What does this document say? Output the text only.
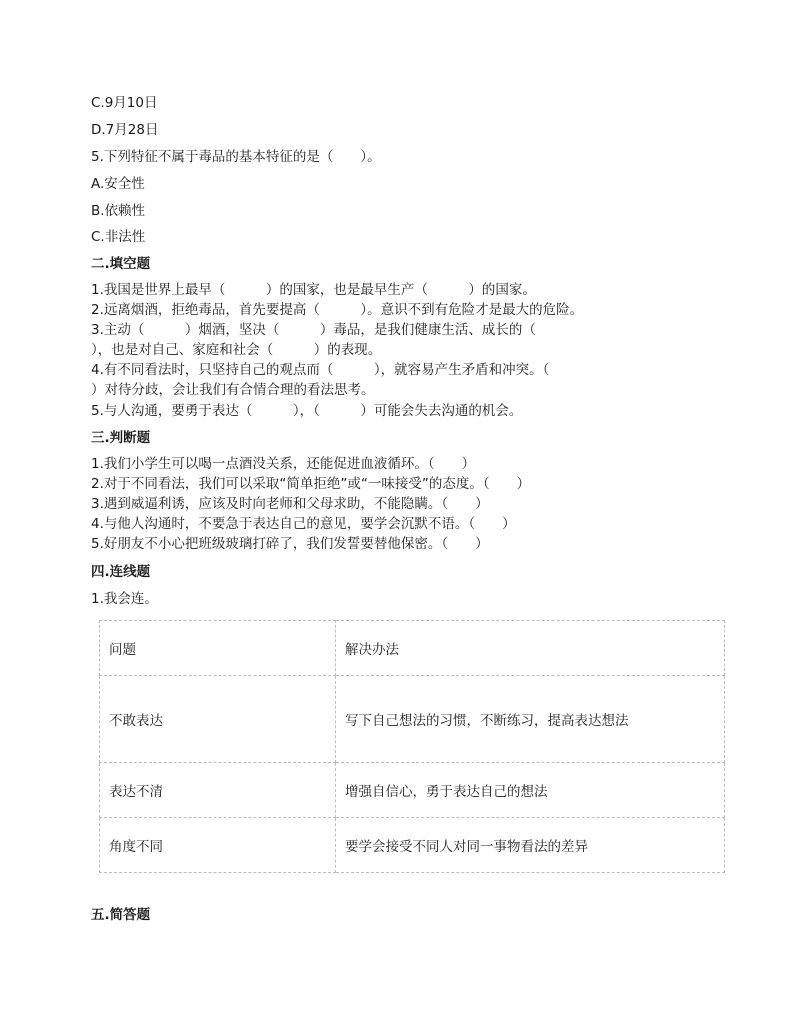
C.9月10日
D.7月28日
5.下列特征不属于毒品的基本特征的是（　　）。
A.安全性
B.依赖性
C.非法性
二.填空题
1.我国是世界上最早（　　　）的国家，也是最早生产（　　　）的国家。
2.远离烟酒，拒绝毒品，首先要提高（　　　）。意识不到有危险才是最大的危险。
3.主动（　　　）烟酒，坚决（　　　）毒品，是我们健康生活、成长的（
），也是对自己、家庭和社会（　　　）的表现。
4.有不同看法时，只坚持自己的观点而（　　　），就容易产生矛盾和冲突。（
）对待分歧，会让我们有合情合理的看法思考。
5.与人沟通，要勇于表达（　　　），（　　　）可能会失去沟通的机会。
三.判断题
1.我们小学生可以喝一点酒没关系，还能促进血液循环。（　　）
2.对于不同看法，我们可以采取“简单拒绝”或“一味接受”的态度。（　　）
3.遇到威逼利诱，应该及时向老师和父母求助，不能隐瞒。（　　）
4.与他人沟通时，不要急于表达自己的意见，要学会沉默不语。（　　）
5.好朋友不小心把班级玻璃打碎了，我们发誓要替他保密。（　　）
四.连线题
1.我会连。
问题	解决办法
不敢表达	写下自己想法的习惯，不断练习，提高表达想法
表达不清	增强自信心，勇于表达自己的想法
角度不同	要学会接受不同人对同一事物看法的差异
五.简答题
